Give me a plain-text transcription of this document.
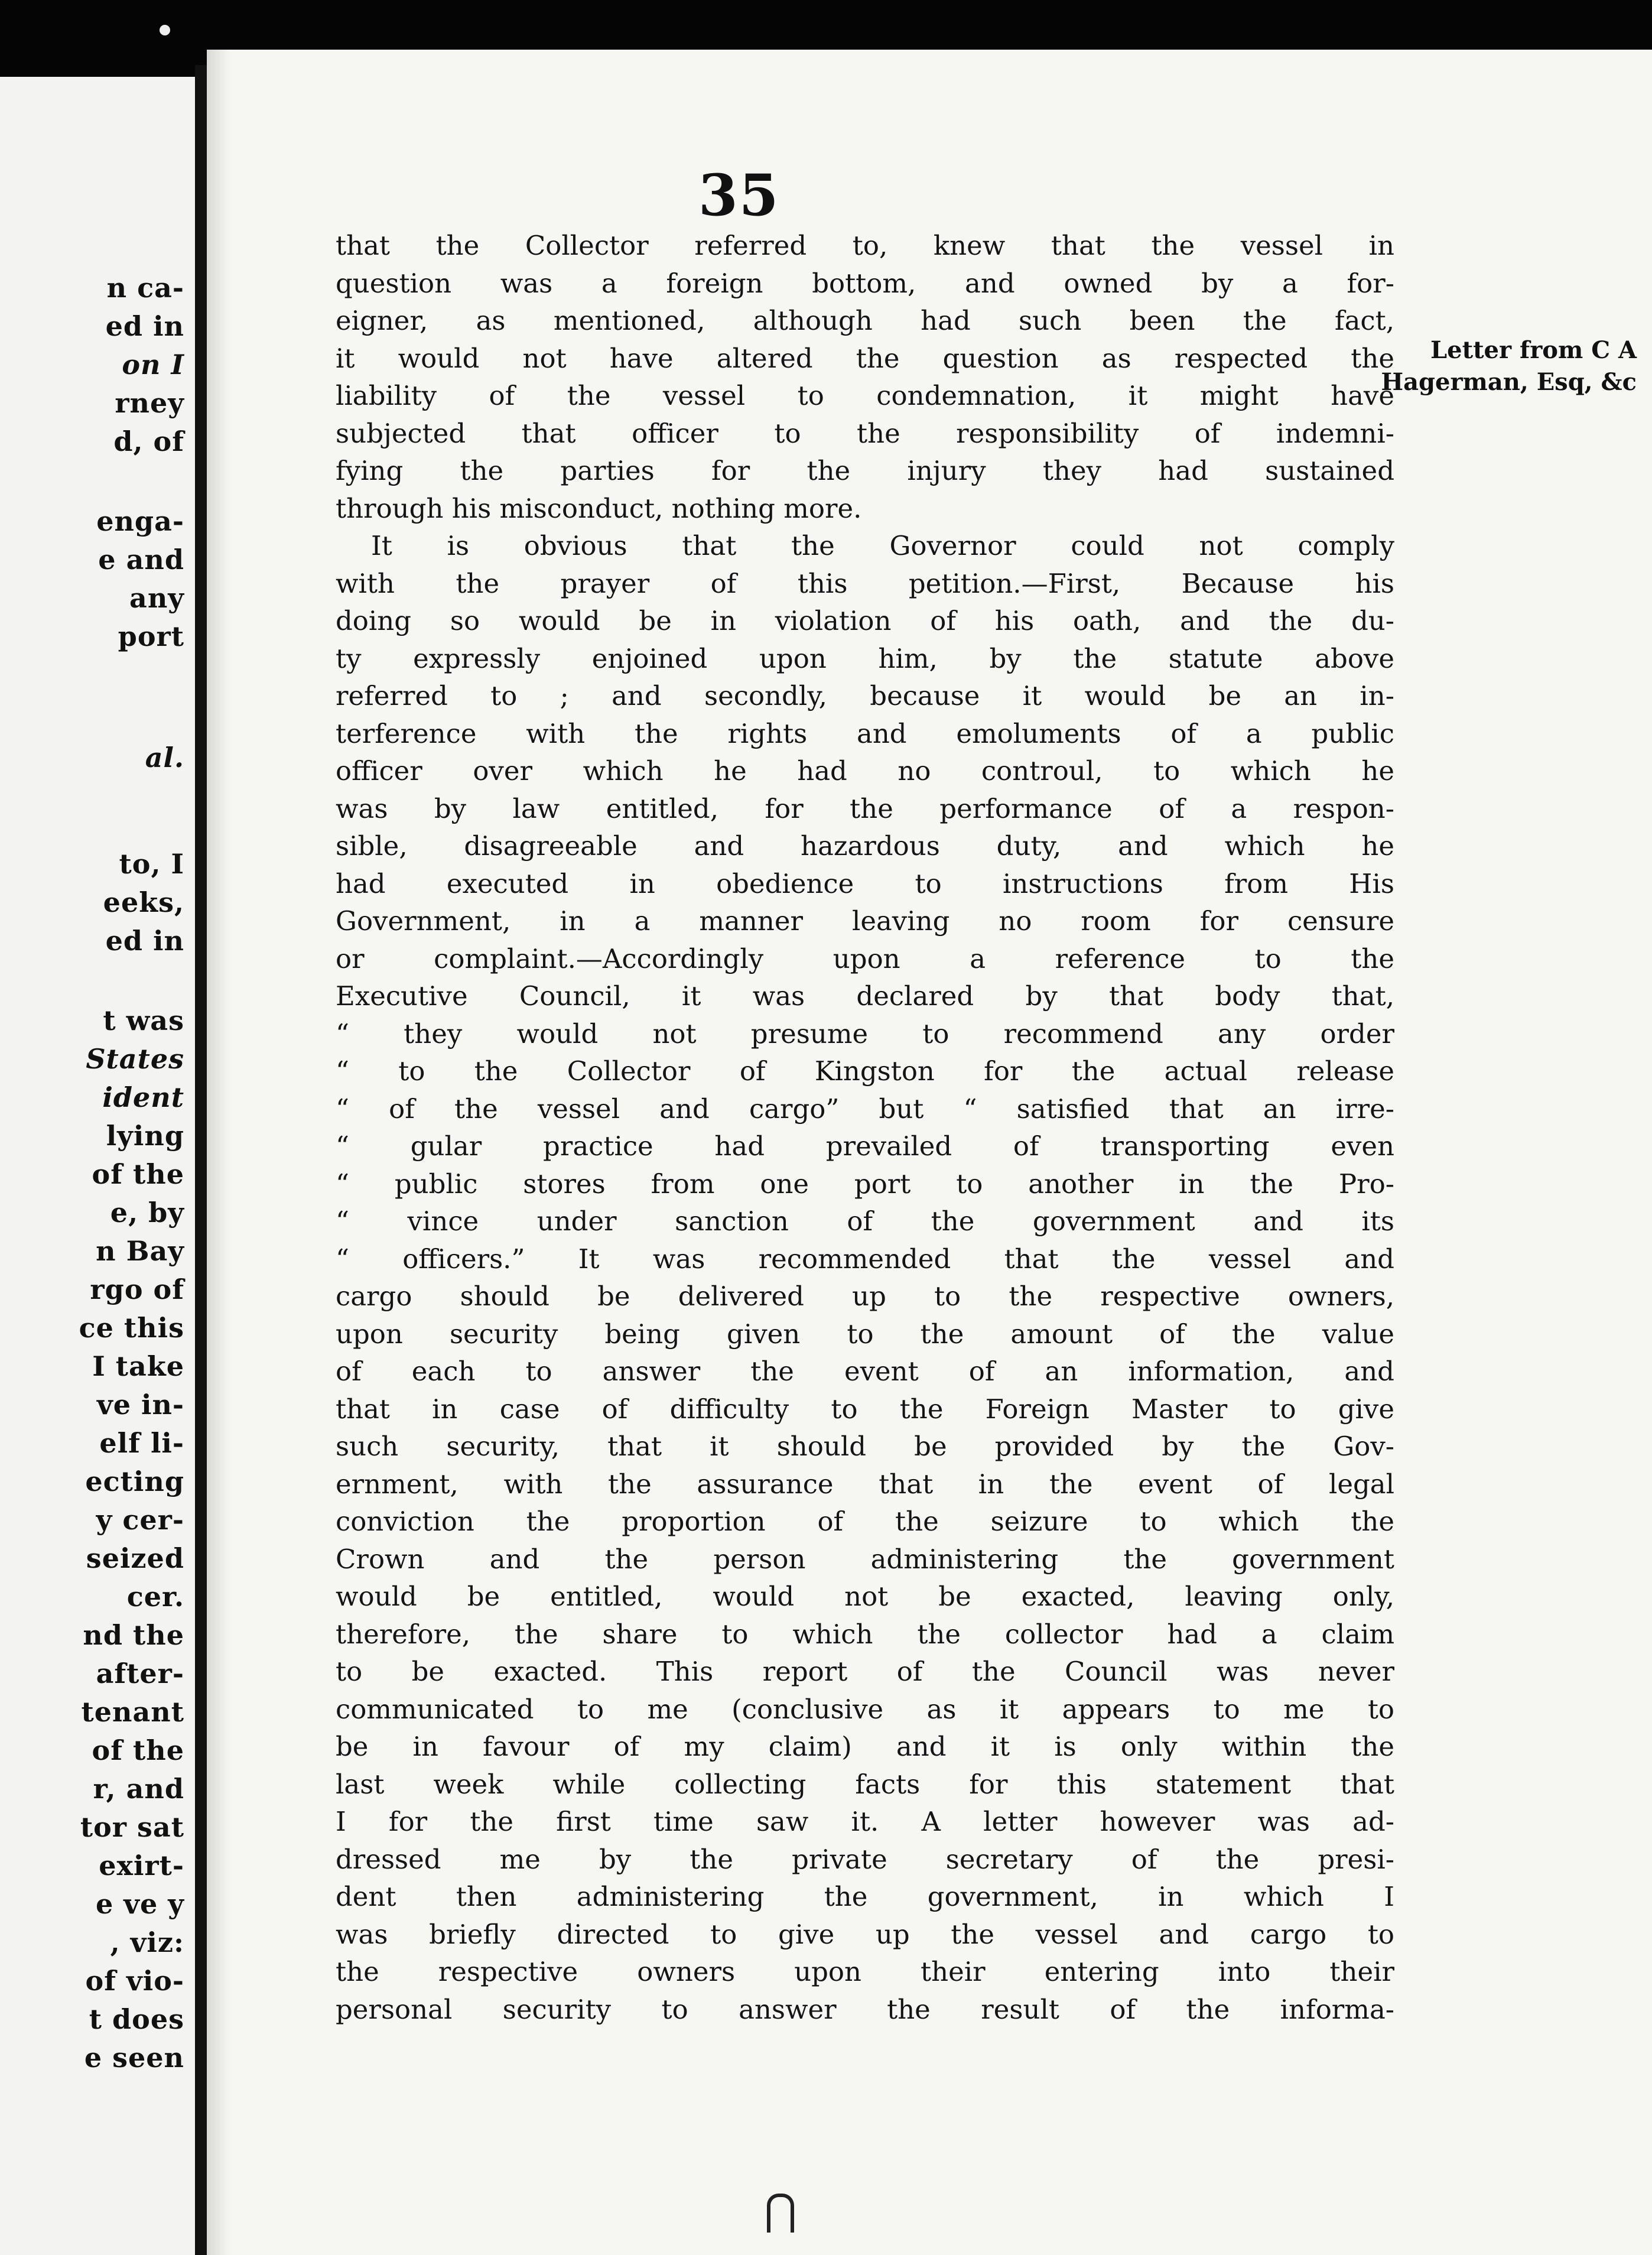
n ca-
ed in
on I
rney
d, of
enga-
e and
any
port
al.
to, I
eeks,
ed in
t was
States
ident
lying
of the
e, by
n Bay
rgo of
ce this
I take
ve in-
elf li-
ecting
y cer-
seized
cer.
nd the
after-
tenant
of the
r, and
tor sat
exirt-
e ve y
, viz:
of vio-
t does
e seen
35
Letter from C A
Hagerman, Esq, &c
that the Collector referred to, knew that the vessel in
question was a foreign bottom, and owned by a for-
eigner, as mentioned, although had such been the fact,
it would not have altered the question as respected the
liability of the vessel to condemnation, it might have
subjected that officer to the responsibility of indemni-
fying the parties for the injury they had sustained
through his misconduct, nothing more.
It is obvious that the Governor could not comply
with the prayer of this petition.—First, Because his
doing so would be in violation of his oath, and the du-
ty expressly enjoined upon him, by the statute above
referred to ; and secondly, because it would be an in-
terference with the rights and emoluments of a public
officer over which he had no controul, to which he
was by law entitled, for the performance of a respon-
sible, disagreeable and hazardous duty, and which he
had executed in obedience to instructions from His
Government, in a manner leaving no room for censure
or complaint.—Accordingly upon a reference to the
Executive Council, it was declared by that body that,
“ they would not presume to recommend any order
“ to the Collector of Kingston for the actual release
“ of the vessel and cargo” but “ satisfied that an irre-
“ gular practice had prevailed of transporting even
“ public stores from one port to another in the Pro-
“ vince under sanction of the government and its
“ officers.” It was recommended that the vessel and
cargo should be delivered up to the respective owners,
upon security being given to the amount of the value
of each to answer the event of an information, and
that in case of difficulty to the Foreign Master to give
such security, that it should be provided by the Gov-
ernment, with the assurance that in the event of legal
conviction the proportion of the seizure to which the
Crown and the person administering the government
would be entitled, would not be exacted, leaving only,
therefore, the share to which the collector had a claim
to be exacted. This report of the Council was never
communicated to me (conclusive as it appears to me to
be in favour of my claim) and it is only within the
last week while collecting facts for this statement that
I for the first time saw it. A letter however was ad-
dressed me by the private secretary of the presi-
dent then administering the government, in which I
was briefly directed to give up the vessel and cargo to
the respective owners upon their entering into their
personal security to answer the result of the informa-
